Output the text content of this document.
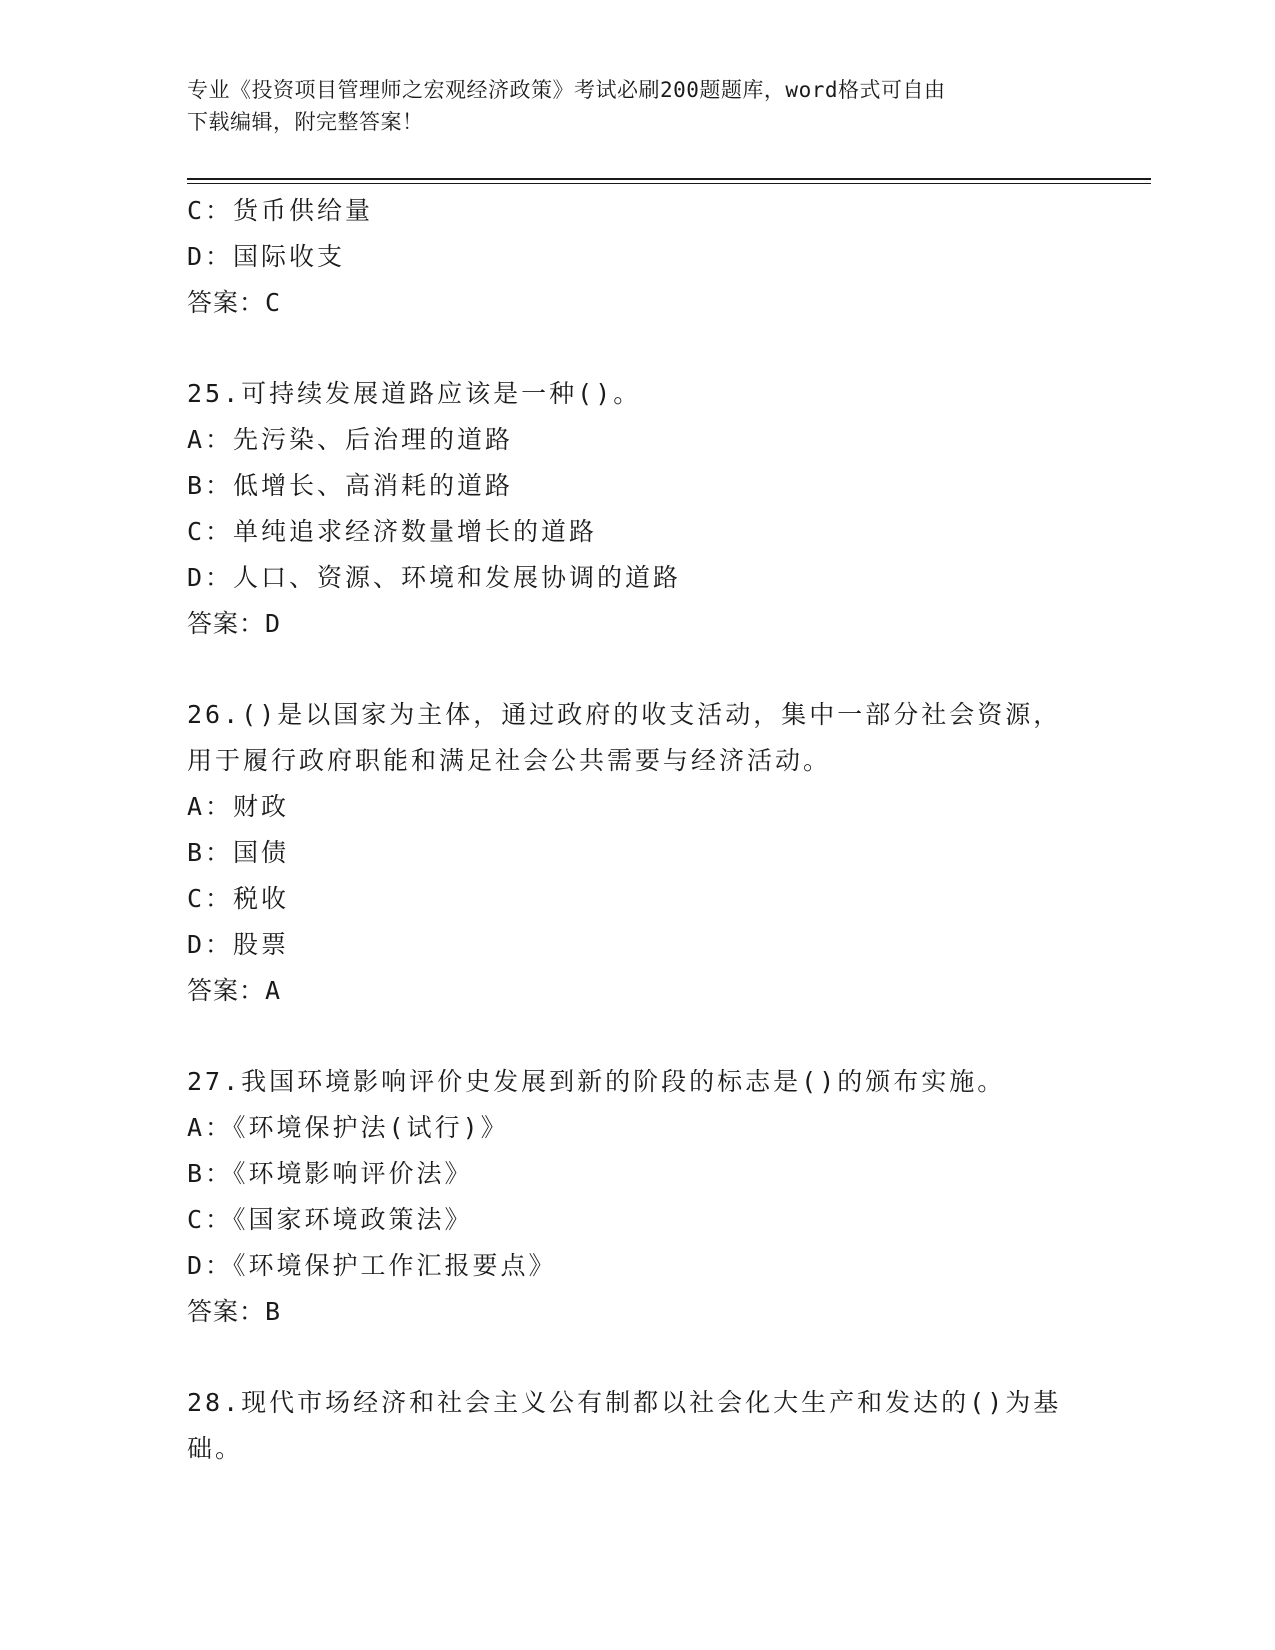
专业《投资项目管理师之宏观经济政策》考试必刷200题题库，word格式可自由
下载编辑，附完整答案！
C：货币供给量
D：国际收支
答案：C
25.可持续发展道路应该是一种()。
A：先污染、后治理的道路
B：低增长、高消耗的道路
C：单纯追求经济数量增长的道路
D：人口、资源、环境和发展协调的道路
答案：D
26.()是以国家为主体，通过政府的收支活动，集中一部分社会资源，
用于履行政府职能和满足社会公共需要与经济活动。
A：财政
B：国债
C：税收
D：股票
答案：A
27.我国环境影响评价史发展到新的阶段的标志是()的颁布实施。
A：《环境保护法(试行)》
B：《环境影响评价法》
C：《国家环境政策法》
D：《环境保护工作汇报要点》
答案：B
28.现代市场经济和社会主义公有制都以社会化大生产和发达的()为基
础。
